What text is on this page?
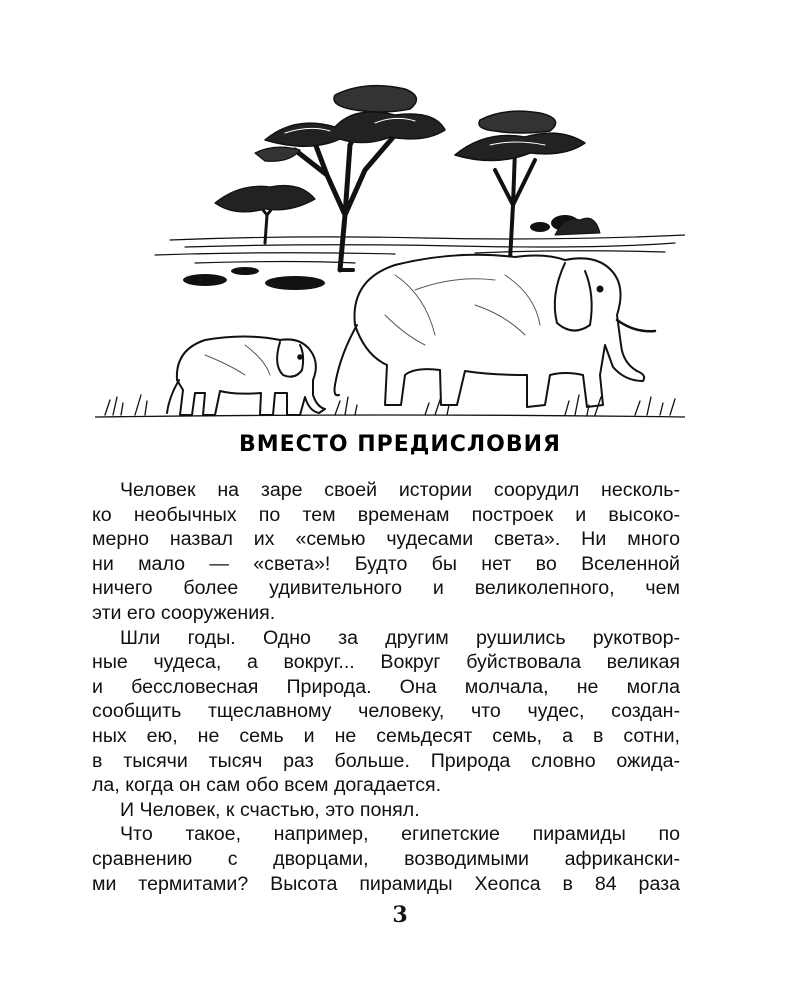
ВМЕСТО ПРЕДИСЛОВИЯ
Человек на заре своей истории соорудил несколь-
ко необычных по тем временам построек и высоко-
мерно назвал их «семью чудесами света». Ни много
ни мало — «света»! Будто бы нет во Вселенной
ничего более удивительного и великолепного, чем
эти его сооружения.
Шли годы. Одно за другим рушились рукотвор-
ные чудеса, а вокруг... Вокруг буйствовала великая
и бессловесная Природа. Она молчала, не могла
сообщить тщеславному человеку, что чудес, создан-
ных ею, не семь и не семьдесят семь, а в сотни,
в тысячи тысяч раз больше. Природа словно ожида-
ла, когда он сам обо всем догадается.
И Человек, к счастью, это понял.
Что такое, например, египетские пирамиды по
сравнению с дворцами, возводимыми африкански-
ми термитами? Высота пирамиды Хеопса в 84 раза
3
